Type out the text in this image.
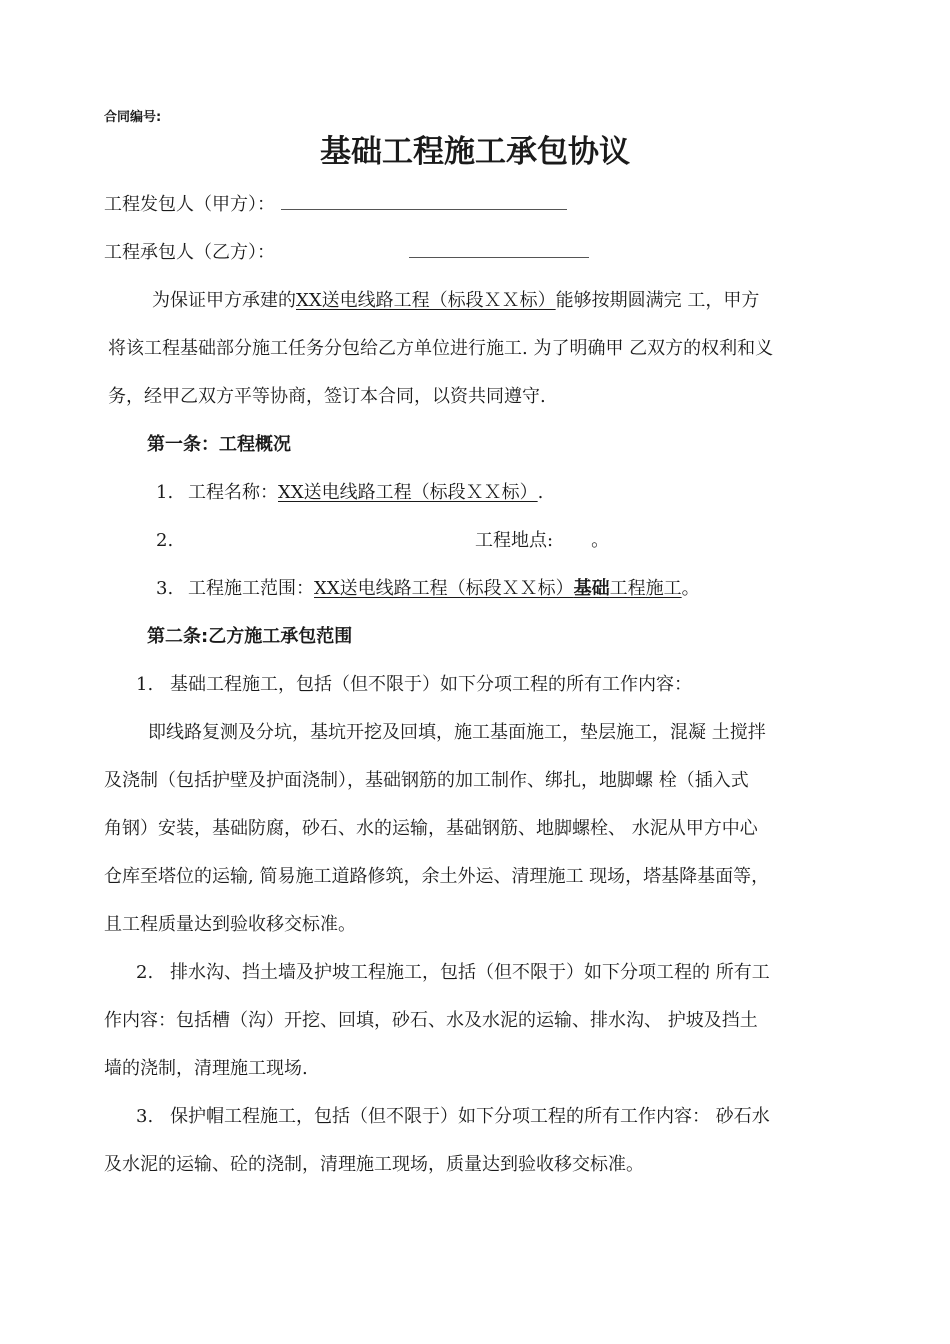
合同编号:
基础工程施工承包协议
工程发包人（甲方）：
工程承包人（乙方）：
为保证甲方承建的XX送电线路工程（标段ＸＸ标）能够按期圆满完 工，甲方
将该工程基础部分施工任务分包给乙方单位进行施工. 为了明确甲 乙双方的权利和义
务，经甲乙双方平等协商，签订本合同，以资共同遵守.
第一条：工程概况
1. 工程名称：XX送电线路工程（标段ＸＸ标）.
2.	工程地点: 。
3. 工程施工范围：XX送电线路工程（标段ＸＸ标）基础工程施工。
第二条:乙方施工承包范围
1. 基础工程施工，包括（但不限于）如下分项工程的所有工作内容：
即线路复测及分坑，基坑开挖及回填，施工基面施工，垫层施工，混凝 土搅拌
及浇制（包括护壁及护面浇制），基础钢筋的加工制作、绑扎，地脚螺 栓（插入式
角钢）安装，基础防腐，砂石、水的运输，基础钢筋、地脚螺栓、 水泥从甲方中心
仓库至塔位的运输, 简易施工道路修筑，余土外运、清理施工 现场，塔基降基面等，
且工程质量达到验收移交标准。
2. 排水沟、挡土墙及护坡工程施工，包括（但不限于）如下分项工程的 所有工
作内容：包括槽（沟）开挖、回填，砂石、水及水泥的运输、排水沟、 护坡及挡土
墙的浇制，清理施工现场.
3. 保护帽工程施工，包括（但不限于）如下分项工程的所有工作内容： 砂石水
及水泥的运输、砼的浇制，清理施工现场，质量达到验收移交标准。
